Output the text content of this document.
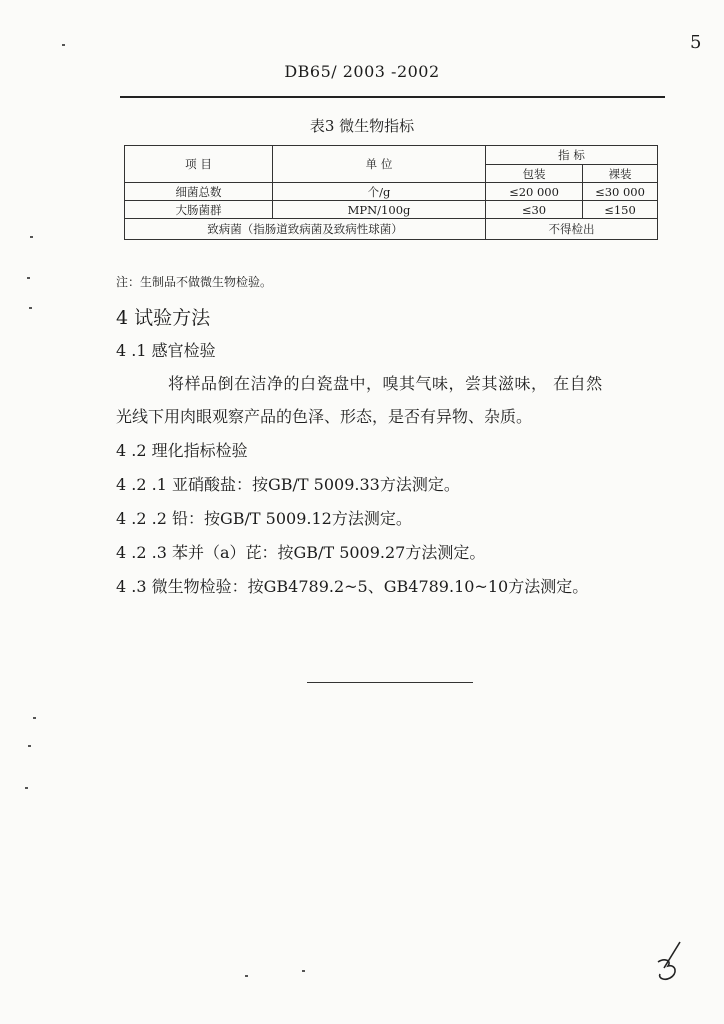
DB65/ 2003 -2002
5
表3 微生物指标
项 目	单 位	指 标	
		包装	裸装
细菌总数	个/g	≤20 000	≤30 000
大肠菌群	MPN/100g	≤30	≤150
致病菌（指肠道致病菌及致病性球菌）		不得检出	
注：生制品不做微生物检验。
4 试验方法
4 .1 感官检验
将样品倒在洁净的白瓷盘中，嗅其气味，尝其滋味， 在自然
光线下用肉眼观察产品的色泽、形态，是否有异物、杂质。
4 .2 理化指标检验
4 .2 .1 亚硝酸盐：按GB/T 5009.33方法测定。
4 .2 .2 铅：按GB/T 5009.12方法测定。
4 .2 .3 苯并（a）芘：按GB/T 5009.27方法测定。
4 .3 微生物检验：按GB4789.2~5、GB4789.10~10方法测定。
